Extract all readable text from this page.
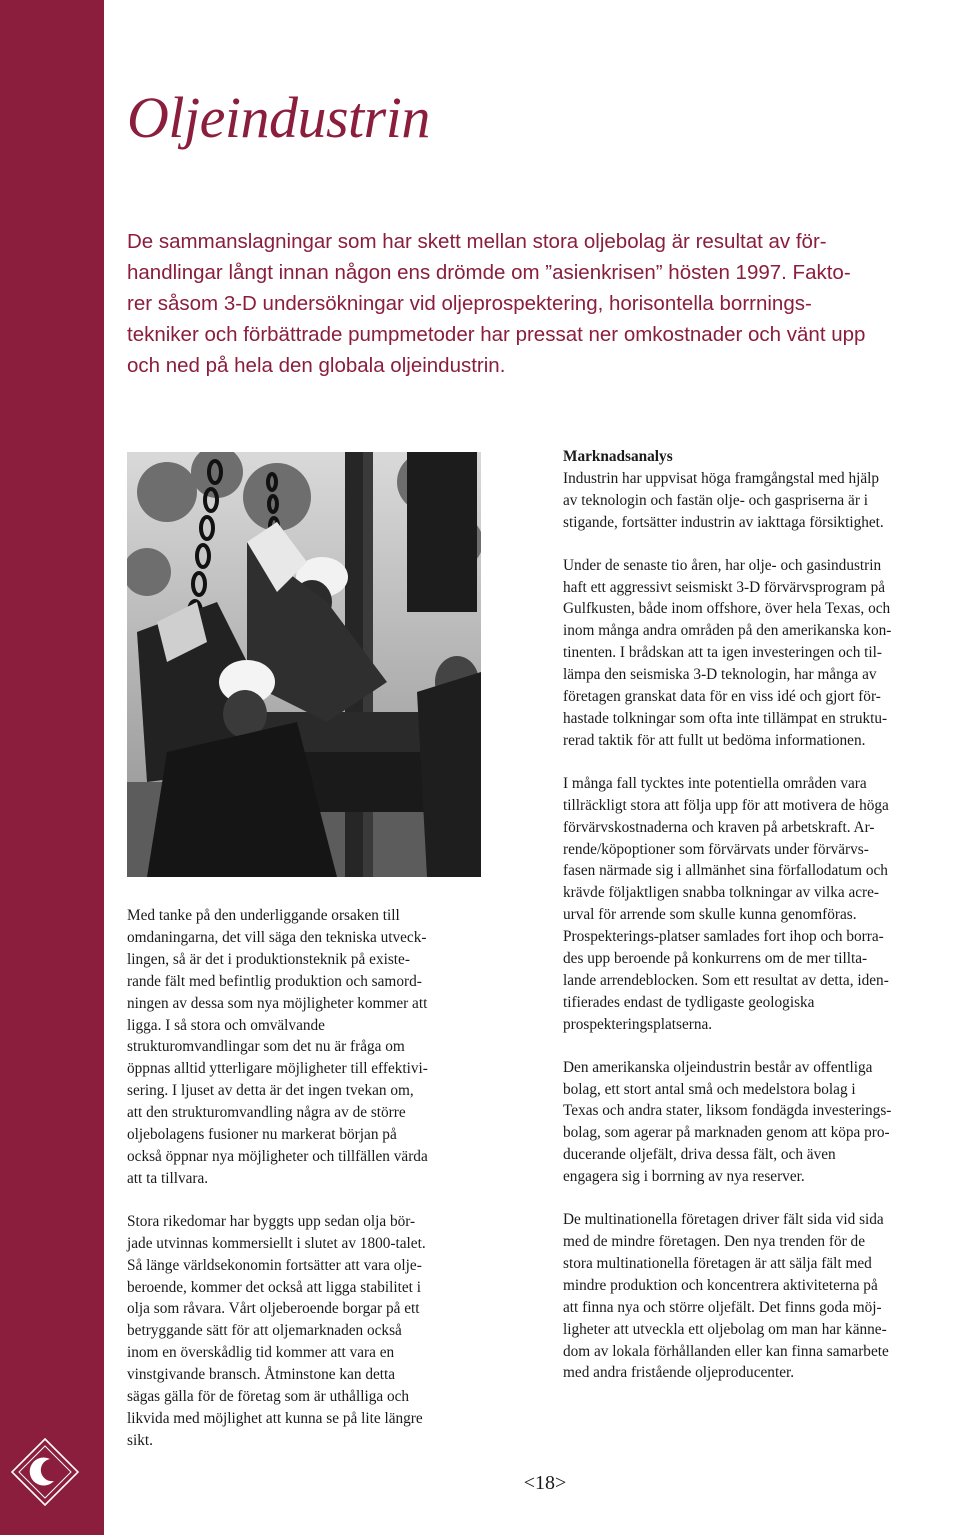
Oljeindustrin

De sammanslagningar som har skett mellan stora oljebolag är resultat av för-
handlingar långt innan någon ens drömde om ”asienkrisen” hösten 1997. Fakto-
rer såsom 3-D undersökningar vid oljeprospektering, horisontella borrnings-
tekniker och förbättrade pumpmetoder har pressat ner omkostnader och vänt upp
och ned på hela den globala oljeindustrin.

Marknadsanalys

Industrin har uppvisat höga framgångstal med hjälp
av teknologin och fastän olje- och gaspriserna är i
stigande, fortsätter industrin av iakttaga försiktighet.

Under de senaste tio åren, har olje- och gasindustrin
haft ett aggressivt seismiskt 3-D förvärvsprogram på
Gulfkusten, både inom offshore, över hela Texas, och
inom många andra områden på den amerikanska kon-
tinenten. I brådskan att ta igen investeringen och til-
lämpa den seismiska 3-D teknologin, har många av
företagen granskat data för en viss idé och gjort för-
hastade tolkningar som ofta inte tillämpat en struktu-
rerad taktik för att fullt ut bedöma informationen.

I många fall tycktes inte potentiella områden vara
tillräckligt stora att följa upp för att motivera de höga
förvärvskostnaderna och kraven på arbetskraft. Ar-
rende/köpoptioner som förvärvats under förvärvs-
fasen närmade sig i allmänhet sina förfallodatum och
krävde följaktligen snabba tolkningar av vilka acre-
urval för arrende som skulle kunna genomföras.
Prospekterings-platser samlades fort ihop och borra-
des upp beroende på konkurrens om de mer tillta-
lande arrendeblocken. Som ett resultat av detta, iden-
tifierades endast de tydligaste geologiska
prospekteringsplatserna.

Den amerikanska oljeindustrin består av offentliga
bolag, ett stort antal små och medelstora bolag i
Texas och andra stater, liksom fondägda investerings-
bolag, som agerar på marknaden genom att köpa pro-
ducerande oljefält, driva dessa fält, och även
engagera sig i borrning av nya reserver.

De multinationella företagen driver fält sida vid sida
med de mindre företagen. Den nya trenden för de
stora multinationella företagen är att sälja fält med
mindre produktion och koncentrera aktiviteterna på
att finna nya och större oljefält. Det finns goda möj-
ligheter att utveckla ett oljebolag om man har känne-
dom av lokala förhållanden eller kan finna samarbete
med andra fristående oljeproducenter.

Med tanke på den underliggande orsaken till
omdaningarna, det vill säga den tekniska utveck-
lingen, så är det i produktionsteknik på existe-
rande fält med befintlig produktion och samord-
ningen av dessa som nya möjligheter kommer att
ligga. I så stora och omvälvande
strukturomvandlingar som det nu är fråga om
öppnas alltid ytterligare möjligheter till effektivi-
sering. I ljuset av detta är det ingen tvekan om,
att den strukturomvandling några av de större
oljebolagens fusioner nu markerat början på
också öppnar nya möjligheter och tillfällen värda
att ta tillvara.

Stora rikedomar har byggts upp sedan olja bör-
jade utvinnas kommersiellt i slutet av 1800-talet.
Så länge världsekonomin fortsätter att vara olje-
beroende, kommer det också att ligga stabilitet i
olja som råvara. Vårt oljeberoende borgar på ett
betryggande sätt för att oljemarknaden också
inom en överskådlig tid kommer att vara en
vinstgivande bransch. Åtminstone kan detta
sägas gälla för de företag som är uthålliga och
likvida med möjlighet att kunna se på lite längre
sikt.

<18>
